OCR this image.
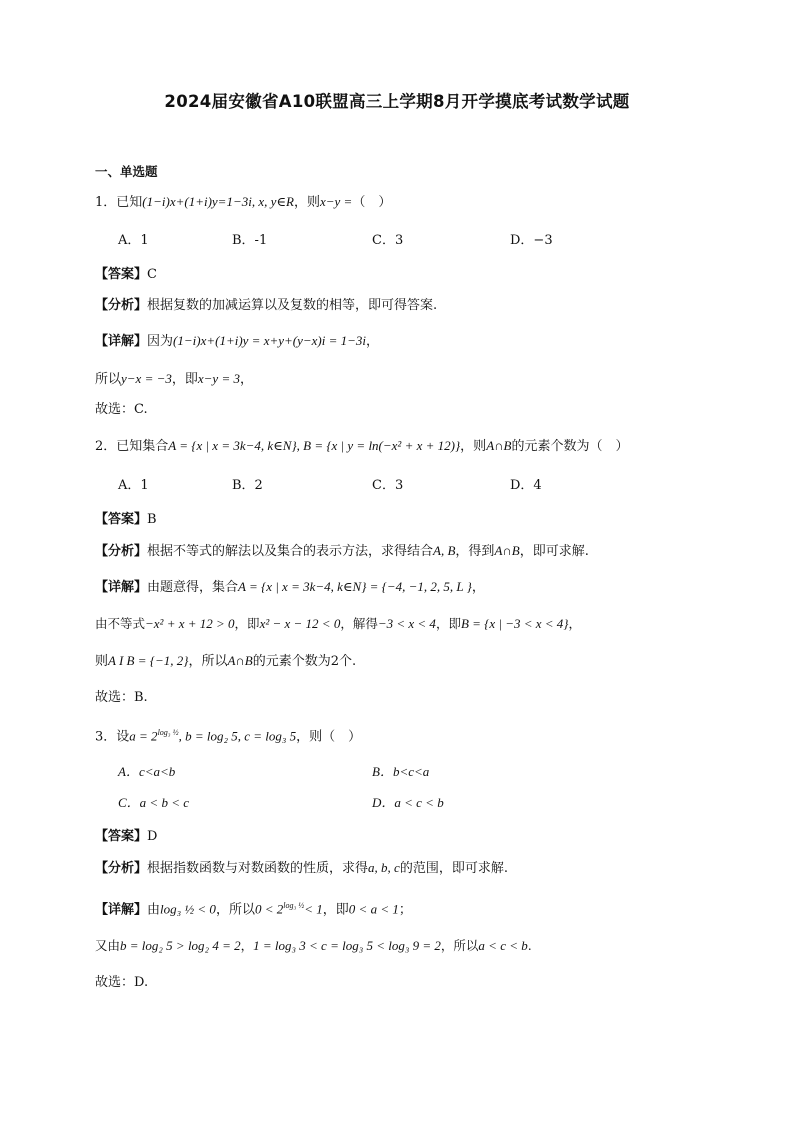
2024届安徽省A10联盟高三上学期8月开学摸底考试数学试题
一、单选题
1．已知(1−i)x+(1+i)y=1−3i, x, y∈R，则x−y =（　）
A．1	B．-1	C．3	D．−3
【答案】C
【分析】根据复数的加减运算以及复数的相等，即可得答案.
【详解】因为(1−i)x+(1+i)y = x+y+(y−x)i = 1−3i，
所以y−x = −3，即x−y = 3，
故选：C.
2．已知集合A = {x | x = 3k−4, k∈N}, B = {x | y = ln(−x² + x + 12)}，则A∩B的元素个数为（　）
A．1	B．2	C．3	D．4
【答案】B
【分析】根据不等式的解法以及集合的表示方法，求得结合A, B，得到A∩B，即可求解.
【详解】由题意得，集合A = {x | x = 3k−4, k∈N} = {−4, −1, 2, 5, L }，
由不等式−x² + x + 12 > 0，即x² − x − 12 < 0，解得−3 < x < 4，即B = {x | −3 < x < 4}，
则A I B = {−1, 2}，所以A∩B的元素个数为2个.
故选：B.
3．设$a = 2^{log_3 \frac{1}{2}}$, b = log₂ 5, c = log₃ 5，则（　）
A．c<a<b	B．b<c<a
C．a < b < c	D．a < c < b
【答案】D
【分析】根据指数函数与对数函数的性质，求得a, b, c的范围，即可求解.
【详解】由log₃ ½ < 0，所以$0 < 2^{log_3 \frac{1}{2}}< 1$，即0 < a < 1；
又由b = log₂ 5 > log₂ 4 = 2，1 = log₃ 3 < c = log₃ 5 < log₃ 9 = 2，所以a < c < b.
故选：D.
